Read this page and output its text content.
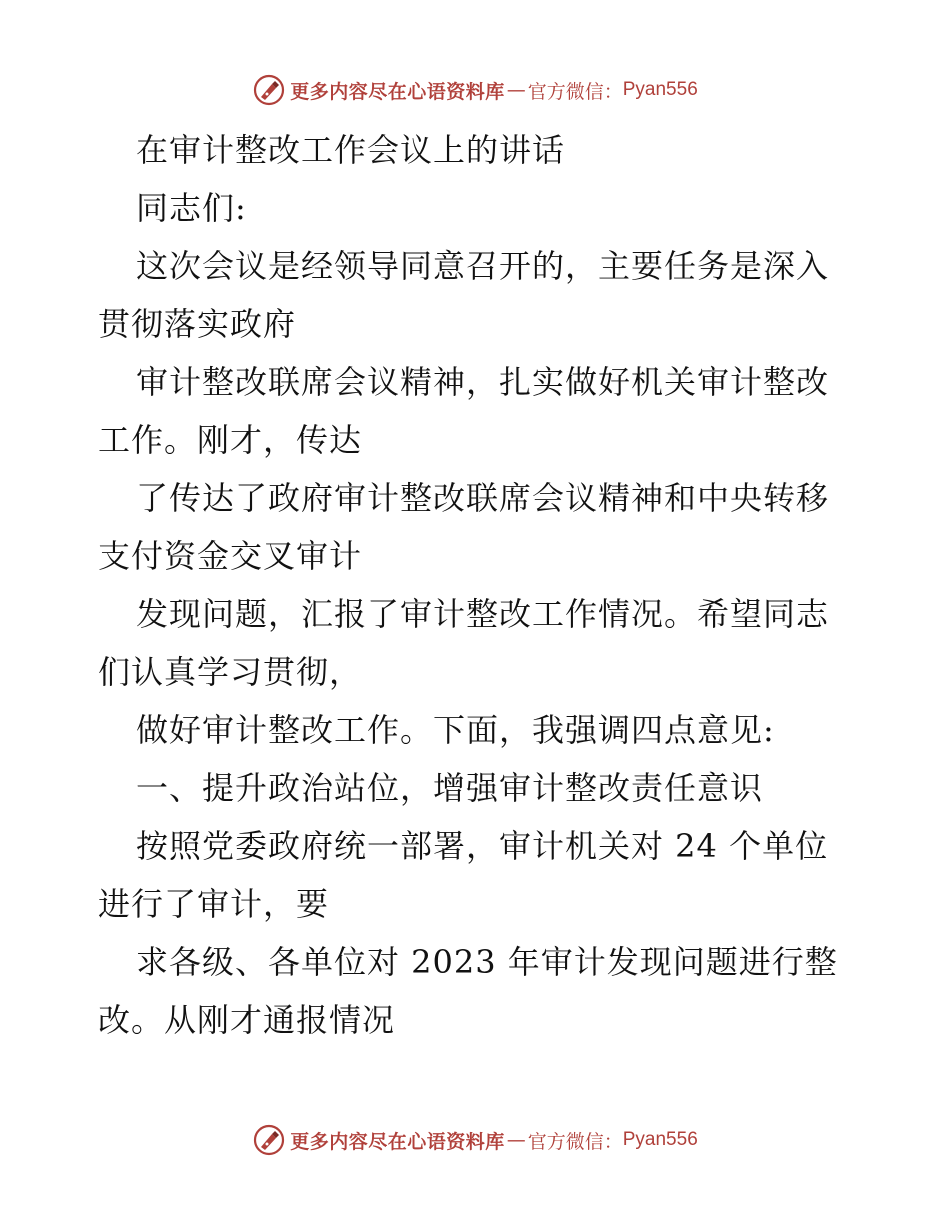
更多内容尽在心语资料库 — 官方微信： Pyan556

在审计整改工作会议上的讲话

同志们:

这次会议是经领导同意召开的，主要任务是深入
贯彻落实政府

审计整改联席会议精神，扎实做好机关审计整改
工作。刚才，传达

了传达了政府审计整改联席会议精神和中央转移
支付资金交叉审计

发现问题，汇报了审计整改工作情况。希望同志
们认真学习贯彻，

做好审计整改工作。下面，我强调四点意见:

一、提升政治站位，增强审计整改责任意识

按照党委政府统一部署，审计机关对 24 个单位
进行了审计，要

求各级、各单位对 2023 年审计发现问题进行整
改。从刚才通报情况

更多内容尽在心语资料库 — 官方微信： Pyan556
